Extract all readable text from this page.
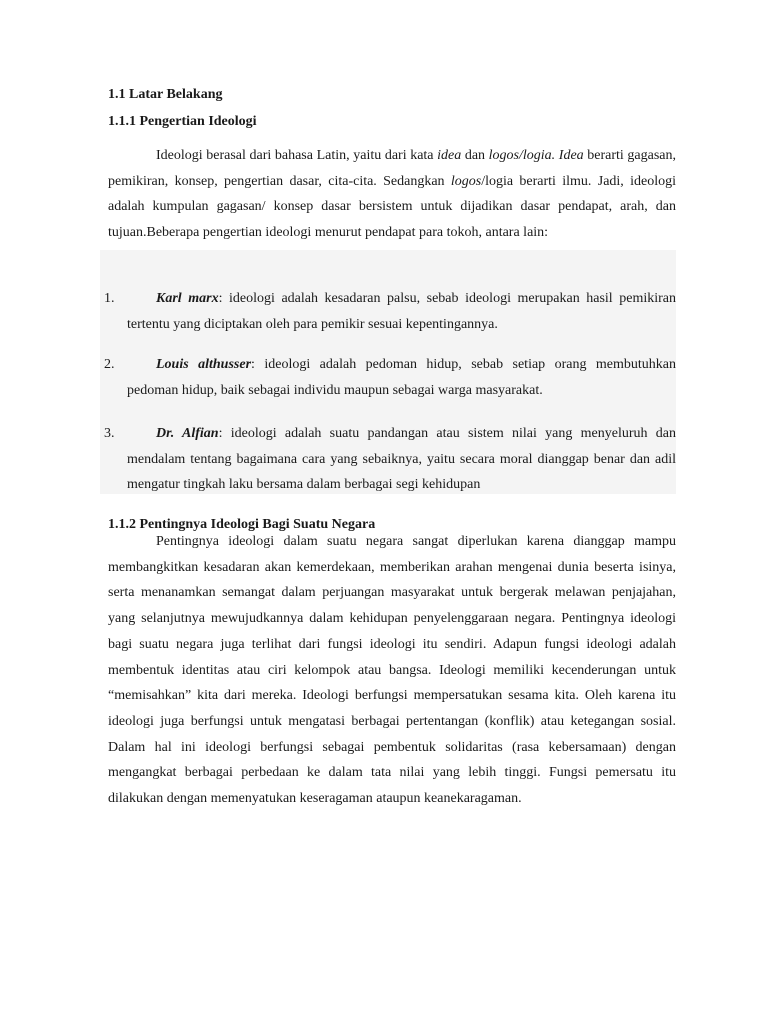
1.1 Latar Belakang
1.1.1 Pengertian Ideologi

Ideologi berasal dari bahasa Latin, yaitu dari kata idea dan logos/logia. Idea berarti gagasan, pemikiran, konsep, pengertian dasar, cita-cita. Sedangkan logos/logia berarti ilmu. Jadi, ideologi adalah kumpulan gagasan/ konsep dasar bersistem untuk dijadikan dasar pendapat, arah, dan tujuan.Beberapa pengertian ideologi menurut pendapat para tokoh, antara lain:

1.	Karl marx: ideologi adalah kesadaran palsu, sebab ideologi merupakan hasil pemikiran tertentu yang diciptakan oleh para pemikir sesuai kepentingannya.

2.	Louis althusser: ideologi adalah pedoman hidup, sebab setiap orang membutuhkan pedoman hidup, baik sebagai individu maupun sebagai warga masyarakat.

3.	Dr. Alfian: ideologi adalah suatu pandangan atau sistem nilai yang menyeluruh dan mendalam tentang bagaimana cara yang sebaiknya, yaitu secara moral dianggap benar dan adil mengatur tingkah laku bersama dalam berbagai segi kehidupan

1.1.2 Pentingnya Ideologi Bagi Suatu Negara

Pentingnya ideologi dalam suatu negara sangat diperlukan karena dianggap mampu membangkitkan kesadaran akan kemerdekaan, memberikan arahan mengenai dunia beserta isinya, serta menanamkan semangat dalam perjuangan masyarakat untuk bergerak melawan penjajahan, yang selanjutnya mewujudkannya dalam kehidupan penyelenggaraan negara. Pentingnya ideologi bagi suatu negara juga terlihat dari fungsi ideologi itu sendiri. Adapun fungsi ideologi adalah membentuk identitas atau ciri kelompok atau bangsa. Ideologi memiliki kecenderungan untuk “memisahkan” kita dari mereka. Ideologi berfungsi mempersatukan sesama kita. Oleh karena itu ideologi juga berfungsi untuk mengatasi berbagai pertentangan (konflik) atau ketegangan sosial. Dalam hal ini ideologi berfungsi sebagai pembentuk solidaritas (rasa kebersamaan) dengan mengangkat berbagai perbedaan ke dalam tata nilai yang lebih tinggi. Fungsi pemersatu itu dilakukan dengan memenyatukan keseragaman ataupun keanekaragaman.
